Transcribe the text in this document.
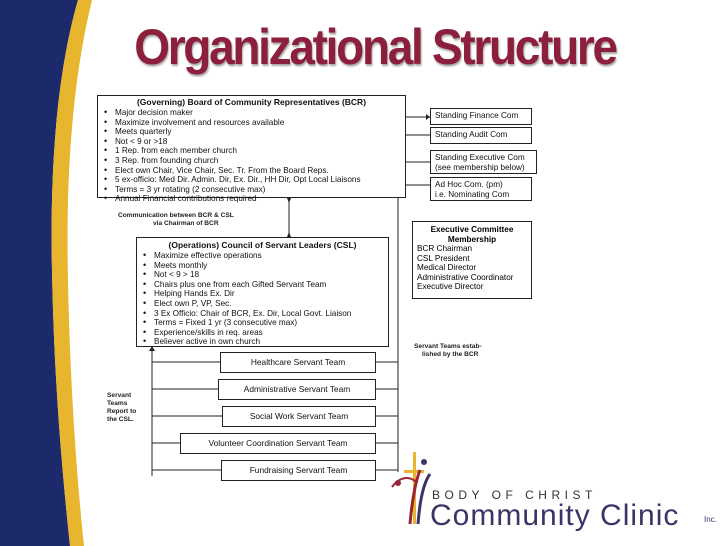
Organizational Structure
(Governing) Board of Community Representatives (BCR)
• Major decision maker
• Maximize involvement and resources available
• Meets quarterly
• Not < 9 or >18
• 1 Rep. from each member church
• 3 Rep. from founding church
• Elect own Chair, Vice Chair, Sec. Tr. From the Board Reps.
• 5 ex-officio: Med Dir. Admin. Dir, Ex. Dir., HH Dir, Opt Local Liaisons
• Terms = 3 yr rotating (2 consecutive max)
• Annual Financial contributions required
Standing Finance Com
Standing Audit Com
Standing Executive Com
(see membership below)
Ad Hoc Com. (pm)
i.e. Nominating Com
Communication between BCR & CSL
via Chairman of BCR
(Operations) Council of Servant Leaders (CSL)
• Maximize effective operations
• Meets monthly
• Not < 9 > 18
• Chairs plus one from each Gifted Servant Team
• Helping Hands Ex. Dir
• Elect own P, VP, Sec.
• 3 Ex Officio: Chair of BCR, Ex. Dir, Local Govt. Liaison
• Terms = Fixed 1 yr (3 consecutive max)
• Experience/skills in req. areas
• Believer active in own church
Executive Committee
Membership
BCR Chairman
CSL President
Medical Director
Administrative Coordinator
Executive Director
Servant Teams estab-
lished by the BCR
Servant
Teams
Report to
the CSL.
Healthcare Servant Team
Administrative Servant Team
Social Work Servant Team
Volunteer Coordination Servant Team
Fundraising Servant Team
BODY OF CHRIST
Community Clinic	Inc.
